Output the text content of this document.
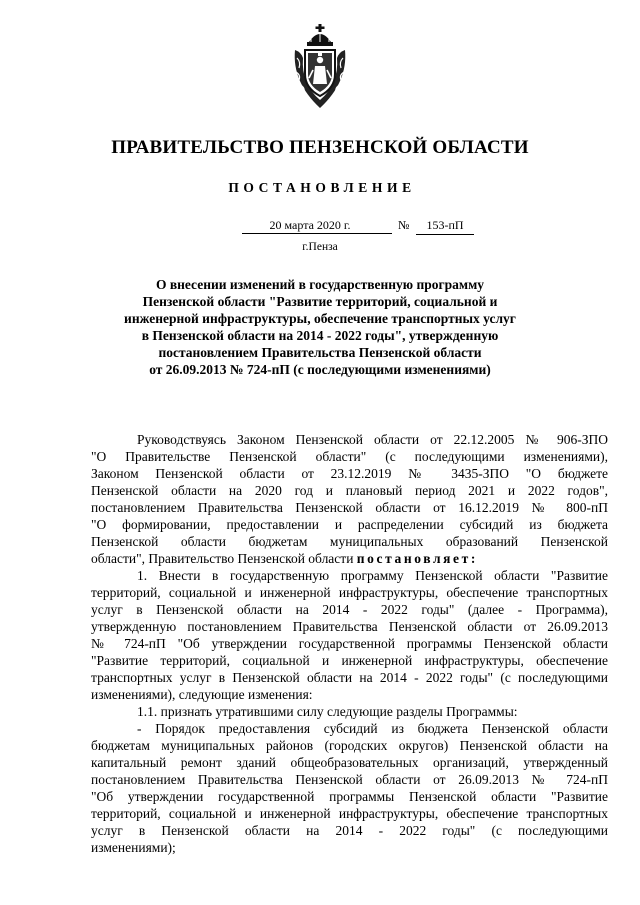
ПРАВИТЕЛЬСТВО ПЕНЗЕНСКОЙ ОБЛАСТИ
ПОСТАНОВЛЕНИЕ
20 марта 2020 г.	№	153-пП
г.Пенза
О внесении изменений в государственную программу
Пензенской области "Развитие территорий, социальной и
инженерной инфраструктуры, обеспечение транспортных услуг
в Пензенской области на 2014 - 2022 годы", утвержденную
постановлением Правительства Пензенской области
от 26.09.2013 № 724-пП (с последующими изменениями)
Руководствуясь Законом Пензенской области от 22.12.2005 № 906-ЗПО
"О Правительстве Пензенской области" (с последующими изменениями),
Законом Пензенской области от 23.12.2019 № 3435-ЗПО "О бюджете
Пензенской области на 2020 год и плановый период 2021 и 2022 годов",
постановлением Правительства Пензенской области от 16.12.2019 № 800-пП
"О формировании, предоставлении и распределении субсидий из бюджета
Пензенской области бюджетам муниципальных образований Пензенской
области", Правительство Пензенской области постановляет:
1. Внести в государственную программу Пензенской области "Развитие
территорий, социальной и инженерной инфраструктуры, обеспечение транспортных
услуг в Пензенской области на 2014 - 2022 годы" (далее - Программа),
утвержденную постановлением Правительства Пензенской области от 26.09.2013
№ 724-пП "Об утверждении государственной программы Пензенской области
"Развитие территорий, социальной и инженерной инфраструктуры, обеспечение
транспортных услуг в Пензенской области на 2014 - 2022 годы" (с последующими
изменениями), следующие изменения:
1.1. признать утратившими силу следующие разделы Программы:
- Порядок предоставления субсидий из бюджета Пензенской области
бюджетам муниципальных районов (городских округов) Пензенской области на
капитальный ремонт зданий общеобразовательных организаций, утвержденный
постановлением Правительства Пензенской области от 26.09.2013 № 724-пП
"Об утверждении государственной программы Пензенской области "Развитие
территорий, социальной и инженерной инфраструктуры, обеспечение транспортных
услуг в Пензенской области на 2014 - 2022 годы" (с последующими
изменениями);
